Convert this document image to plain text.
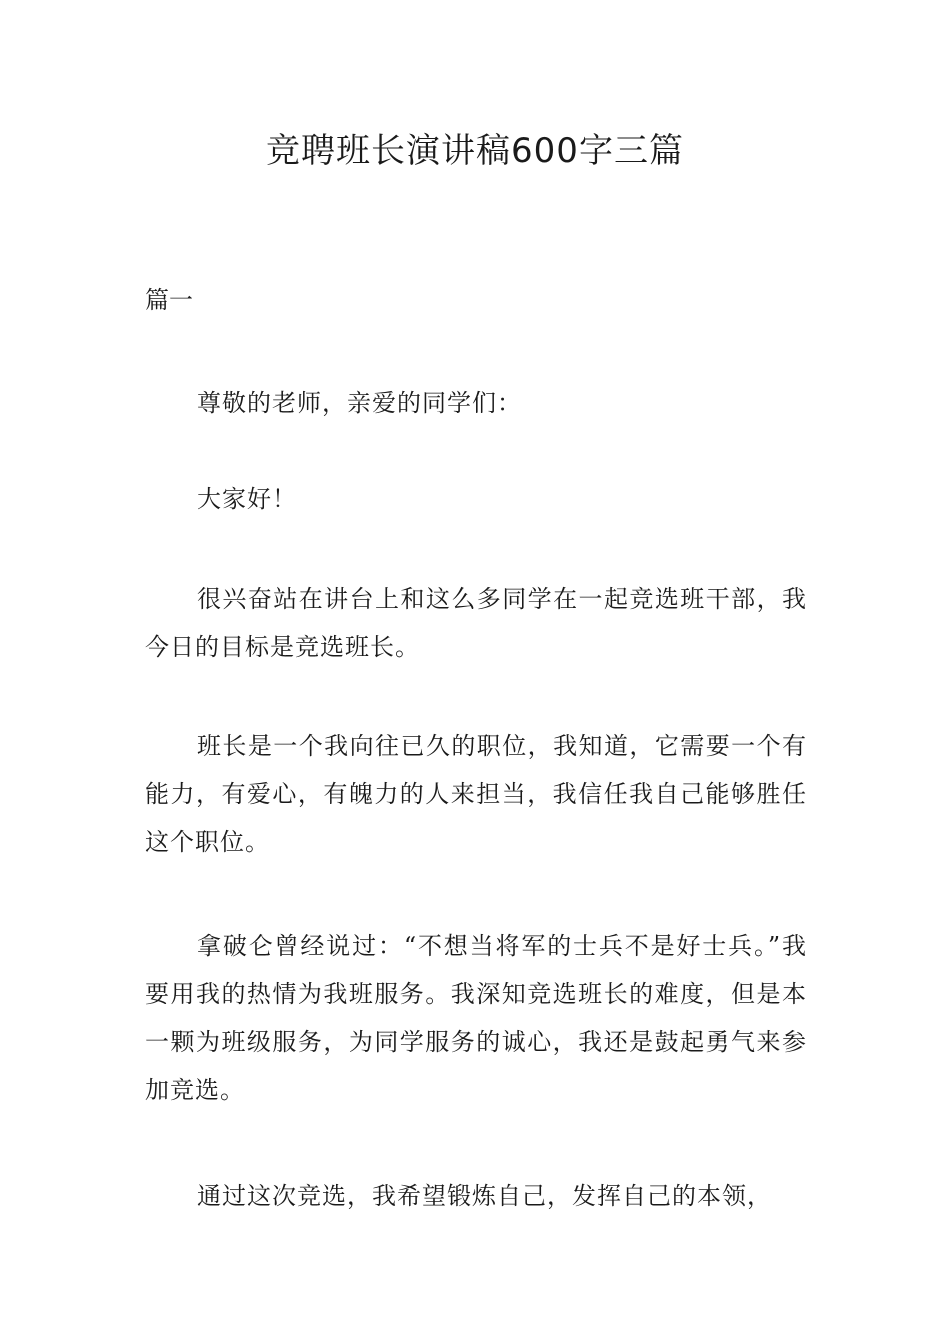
竞聘班长演讲稿600字三篇

篇一

尊敬的老师，亲爱的同学们：

大家好！

很兴奋站在讲台上和这么多同学在一起竞选班干部，我今日的目标是竞选班长。

班长是一个我向往已久的职位，我知道，它需要一个有能力，有爱心，有魄力的人来担当，我信任我自己能够胜任这个职位。

拿破仑曾经说过：“不想当将军的士兵不是好士兵。”我要用我的热情为我班服务。我深知竞选班长的难度，但是本一颗为班级服务，为同学服务的诚心，我还是鼓起勇气来参加竞选。

通过这次竞选，我希望锻炼自己，发挥自己的本领，
